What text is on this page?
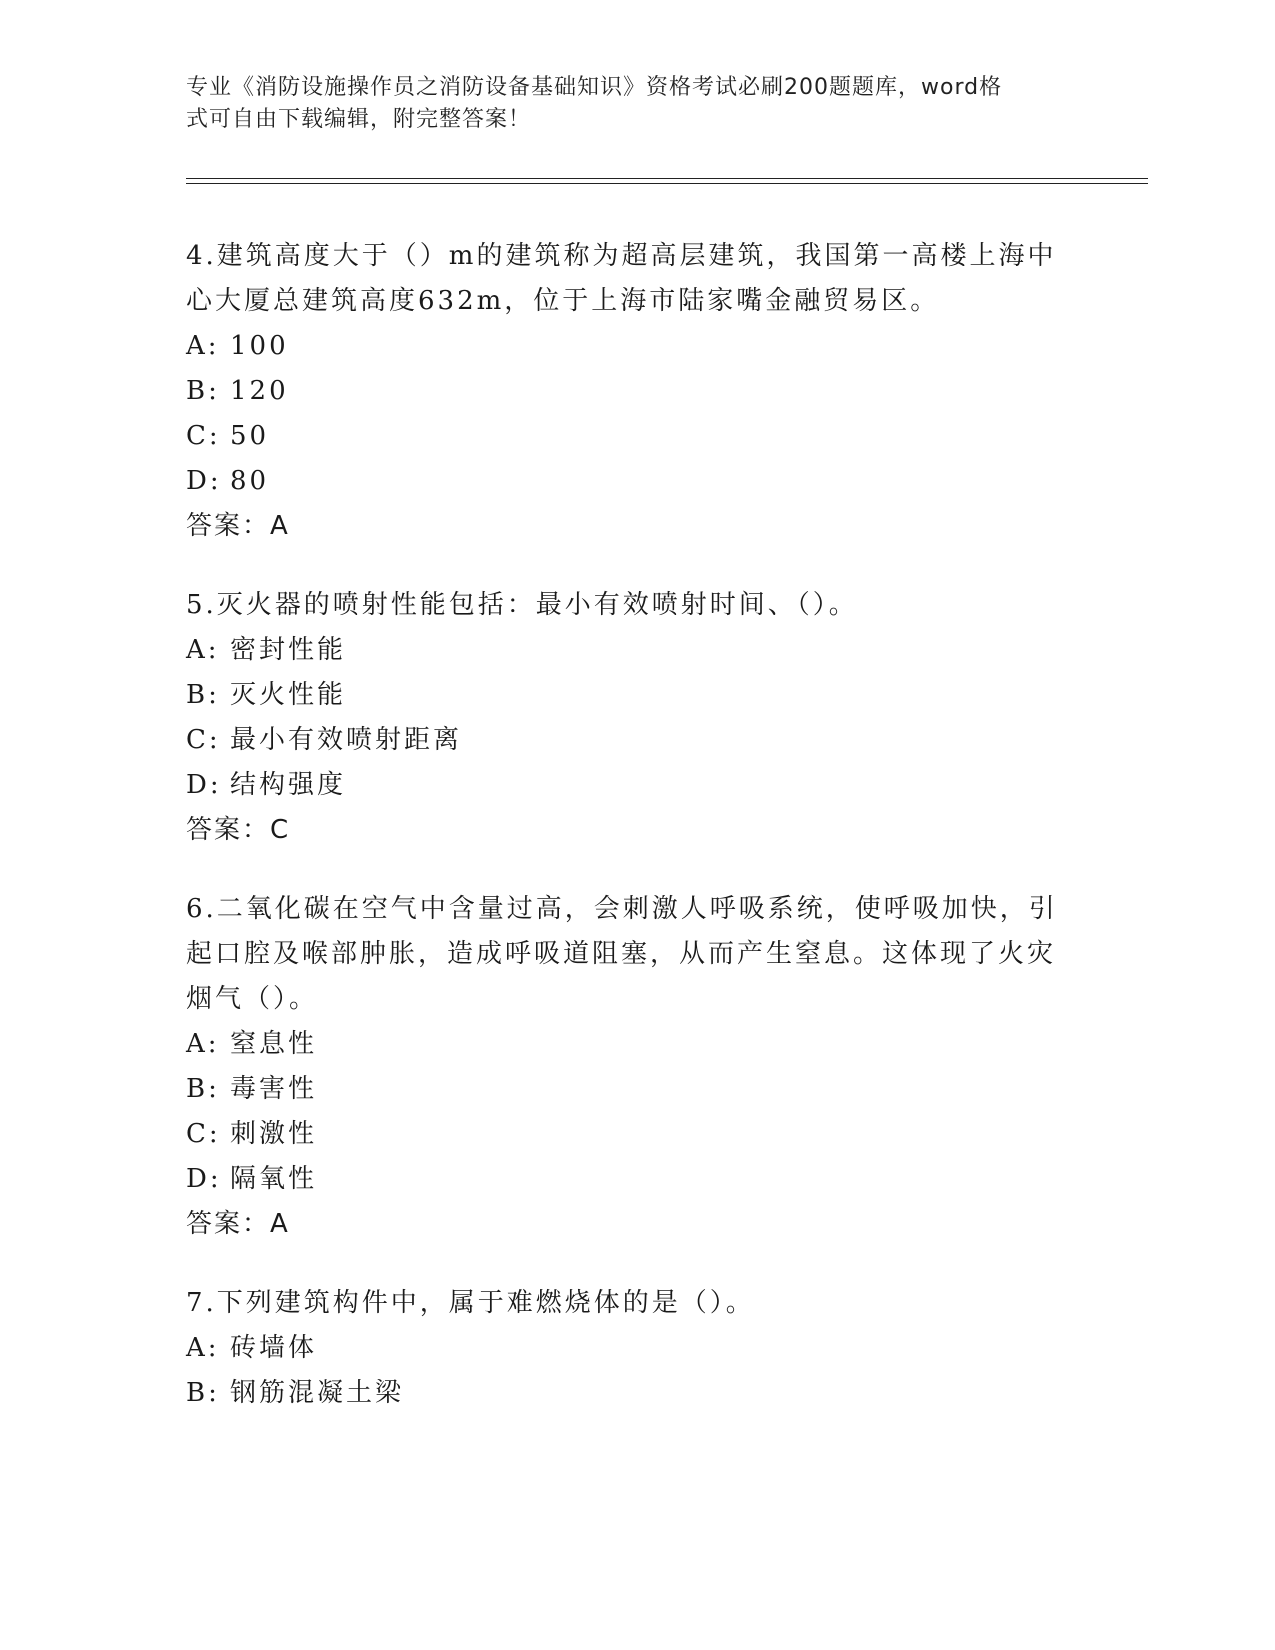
专业《消防设施操作员之消防设备基础知识》资格考试必刷200题题库，word格
式可自由下载编辑，附完整答案！
4.建筑高度大于（）m的建筑称为超高层建筑，我国第一高楼上海中心大厦总建筑高度632m，位于上海市陆家嘴金融贸易区。
A: 100
B: 120
C: 50
D: 80
答案：A
5.灭火器的喷射性能包括：最小有效喷射时间、（）。
A: 密封性能
B: 灭火性能
C: 最小有效喷射距离
D: 结构强度
答案：C
6.二氧化碳在空气中含量过高，会刺激人呼吸系统，使呼吸加快，引起口腔及喉部肿胀，造成呼吸道阻塞，从而产生窒息。这体现了火灾烟气（）。
A: 窒息性
B: 毒害性
C: 刺激性
D: 隔氧性
答案：A
7.下列建筑构件中，属于难燃烧体的是（）。
A: 砖墙体
B: 钢筋混凝土梁
